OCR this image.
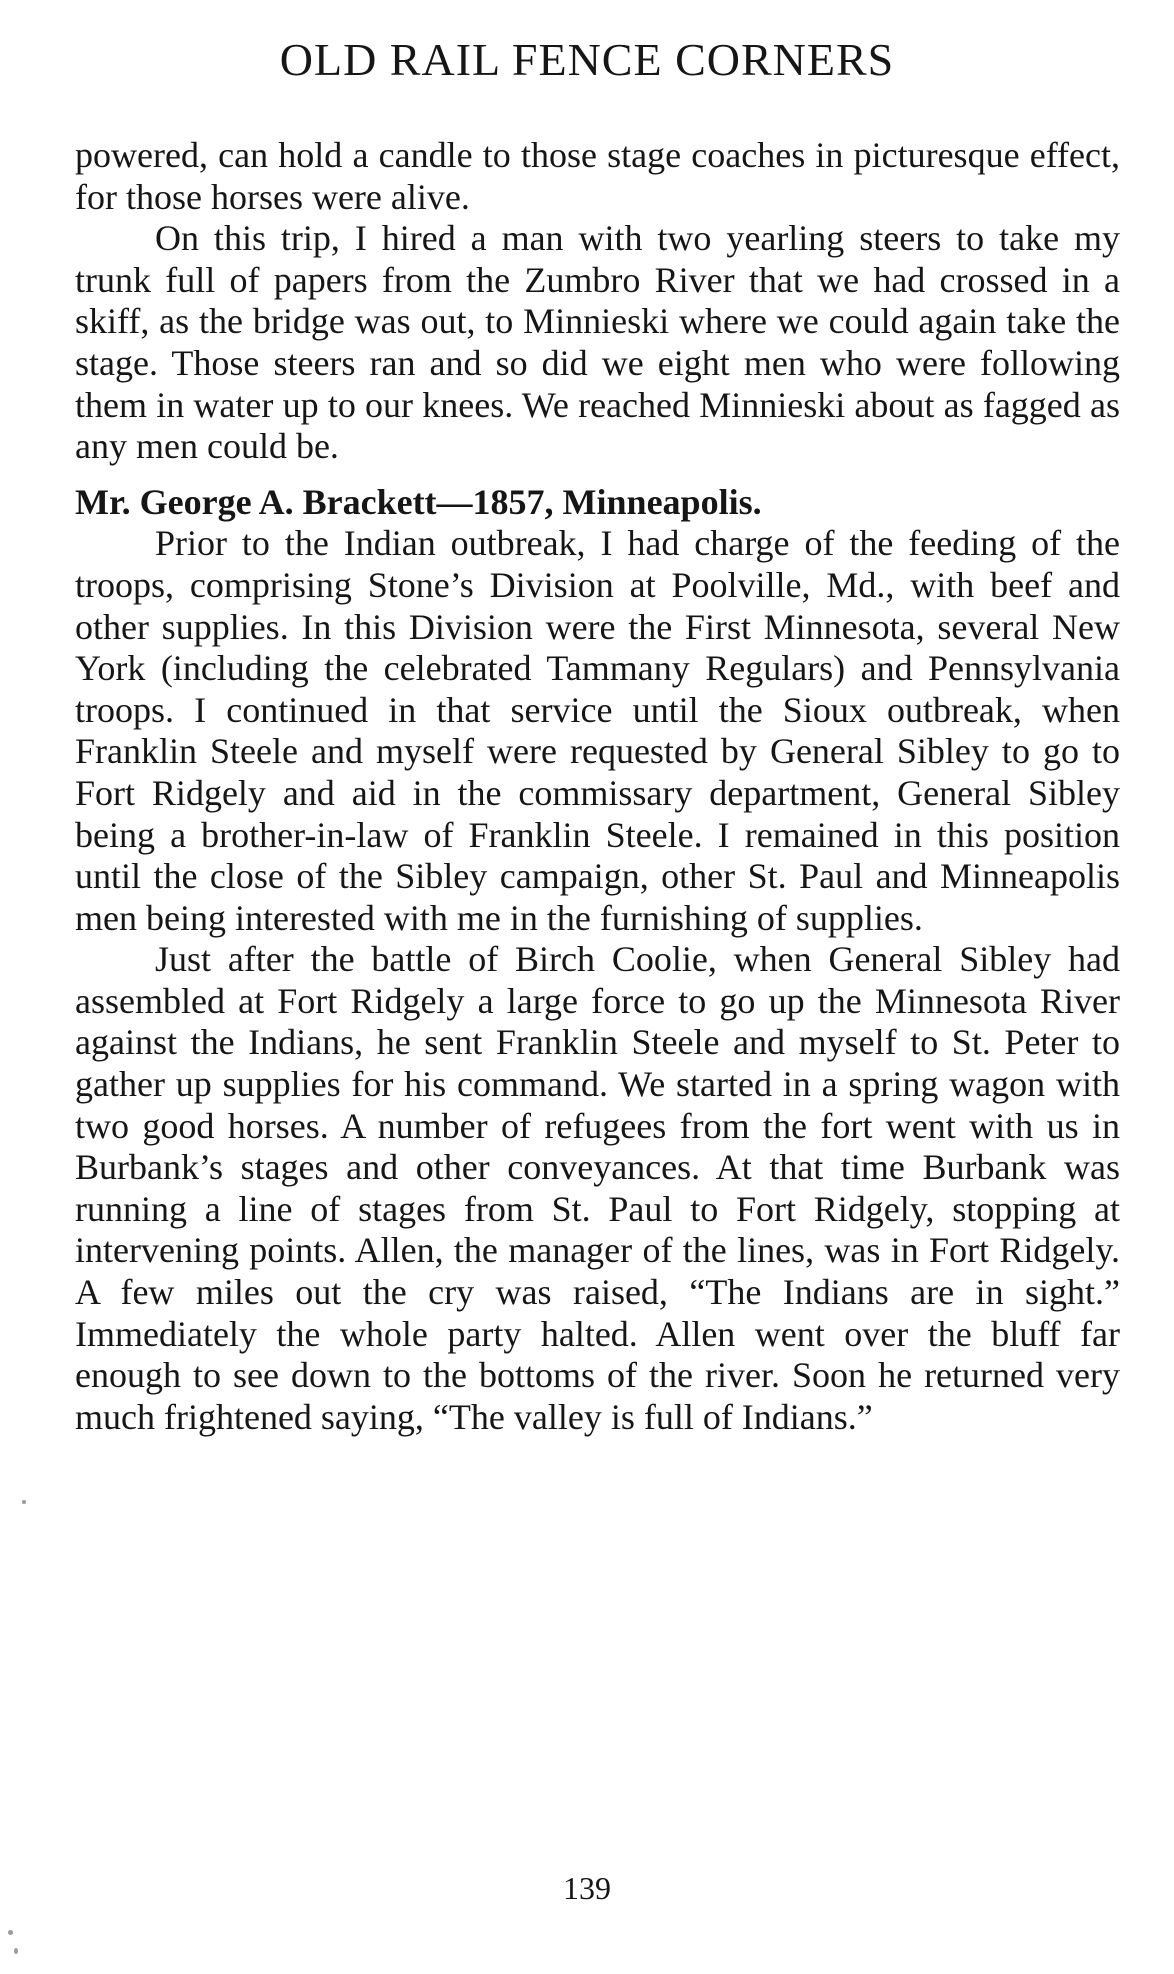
OLD RAIL FENCE CORNERS

powered, can hold a candle to those stage coaches in picturesque effect, for those horses were alive.

On this trip, I hired a man with two yearling steers to take my trunk full of papers from the Zumbro River that we had crossed in a skiff, as the bridge was out, to Minnieski where we could again take the stage. Those steers ran and so did we eight men who were following them in water up to our knees. We reached Minnieski about as fagged as any men could be.

Mr. George A. Brackett—1857, Minneapolis.

Prior to the Indian outbreak, I had charge of the feeding of the troops, comprising Stone’s Division at Poolville, Md., with beef and other supplies. In this Division were the First Minnesota, several New York (including the celebrated Tammany Regulars) and Pennsylvania troops. I continued in that service until the Sioux outbreak, when Franklin Steele and myself were requested by General Sibley to go to Fort Ridgely and aid in the commissary department, General Sibley being a brother-in-law of Franklin Steele. I remained in this position until the close of the Sibley campaign, other St. Paul and Minneapolis men being interested with me in the furnishing of supplies.

Just after the battle of Birch Coolie, when General Sibley had assembled at Fort Ridgely a large force to go up the Minnesota River against the Indians, he sent Franklin Steele and myself to St. Peter to gather up supplies for his command. We started in a spring wagon with two good horses. A number of refugees from the fort went with us in Burbank’s stages and other conveyances. At that time Burbank was running a line of stages from St. Paul to Fort Ridgely, stopping at intervening points. Allen, the manager of the lines, was in Fort Ridgely. A few miles out the cry was raised, “The Indians are in sight.” Immediately the whole party halted. Allen went over the bluff far enough to see down to the bottoms of the river. Soon he returned very much frightened saying, “The valley is full of Indians.”

139
